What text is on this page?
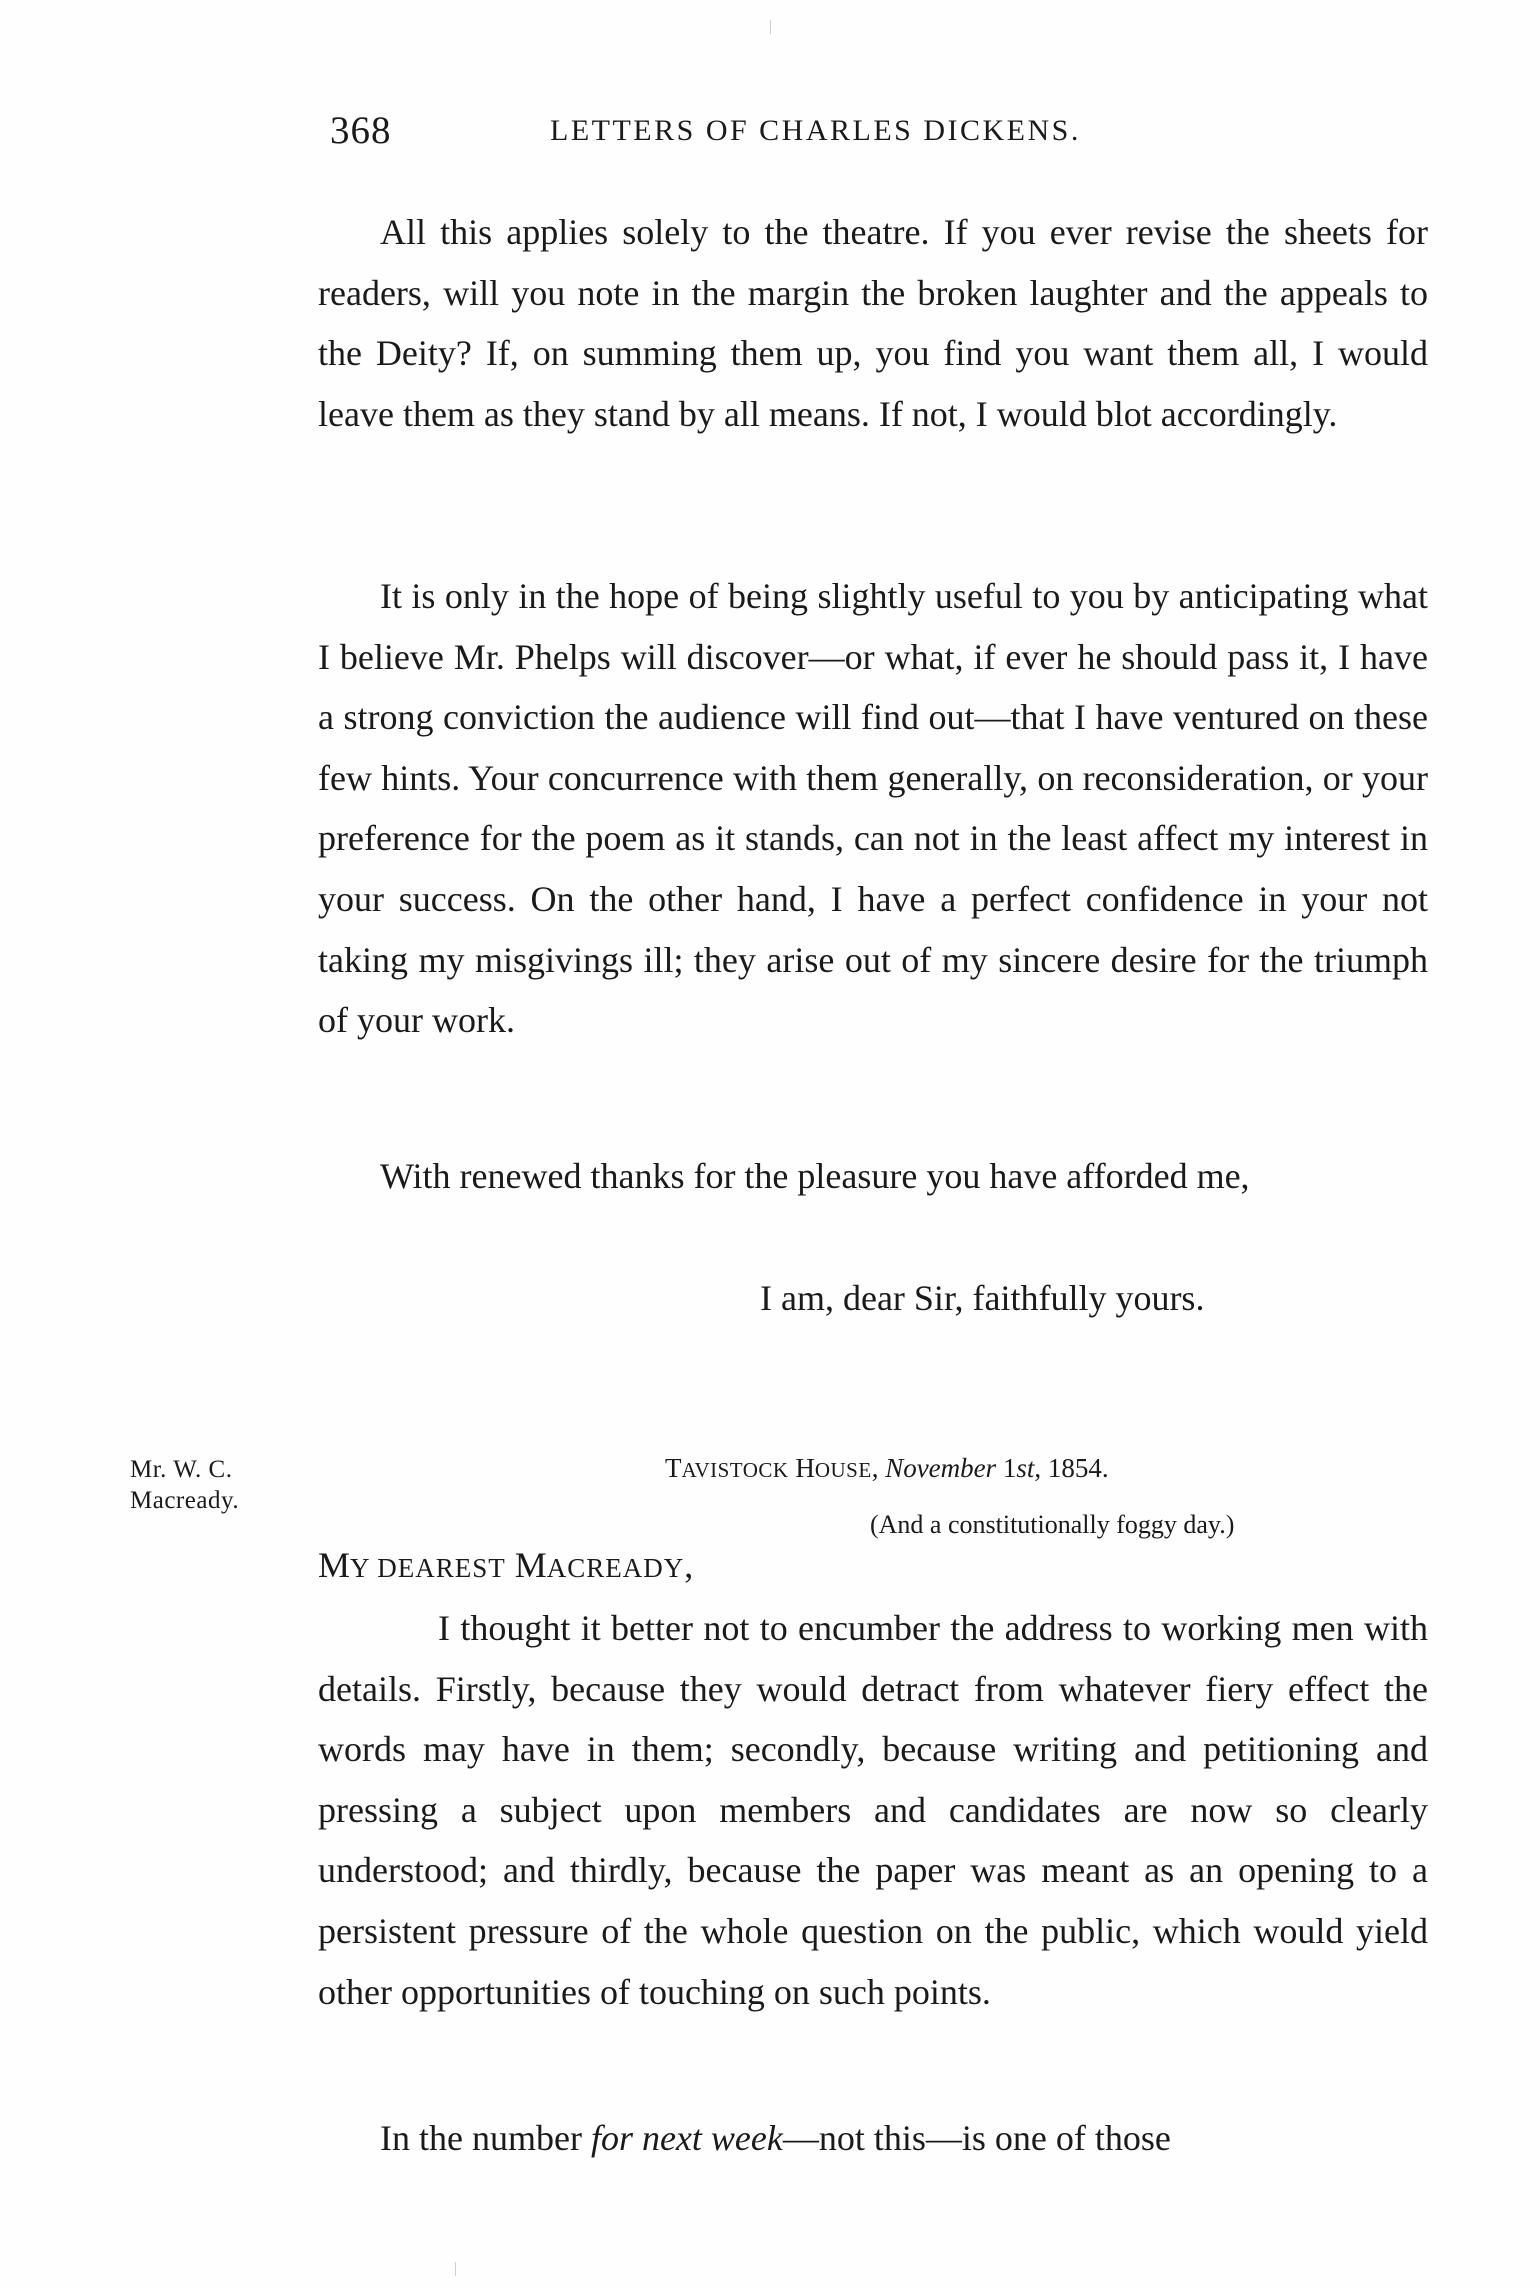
368	LETTERS OF CHARLES DICKENS.

All this applies solely to the theatre. If you ever revise the sheets for readers, will you note in the margin the broken laughter and the appeals to the Deity? If, on summing them up, you find you want them all, I would leave them as they stand by all means. If not, I would blot accordingly.

It is only in the hope of being slightly useful to you by anticipating what I believe Mr. Phelps will discover—or what, if ever he should pass it, I have a strong conviction the audience will find out—that I have ventured on these few hints. Your concurrence with them generally, on reconsideration, or your preference for the poem as it stands, can not in the least affect my interest in your success. On the other hand, I have a perfect confidence in your not taking my misgivings ill; they arise out of my sincere desire for the triumph of your work.

With renewed thanks for the pleasure you have afforded me,

I am, dear Sir, faithfully yours.
Mr. W. C.
Macready.
TAVISTOCK HOUSE, November 1st, 1854.
(And a constitutionally foggy day.)
MY DEAREST MACREADY,

I thought it better not to encumber the address to working men with details. Firstly, because they would detract from whatever fiery effect the words may have in them; secondly, because writing and petitioning and pressing a subject upon members and candidates are now so clearly understood; and thirdly, because the paper was meant as an opening to a persistent pressure of the whole question on the public, which would yield other opportunities of touching on such points.

In the number for next week—not this—is one of those
